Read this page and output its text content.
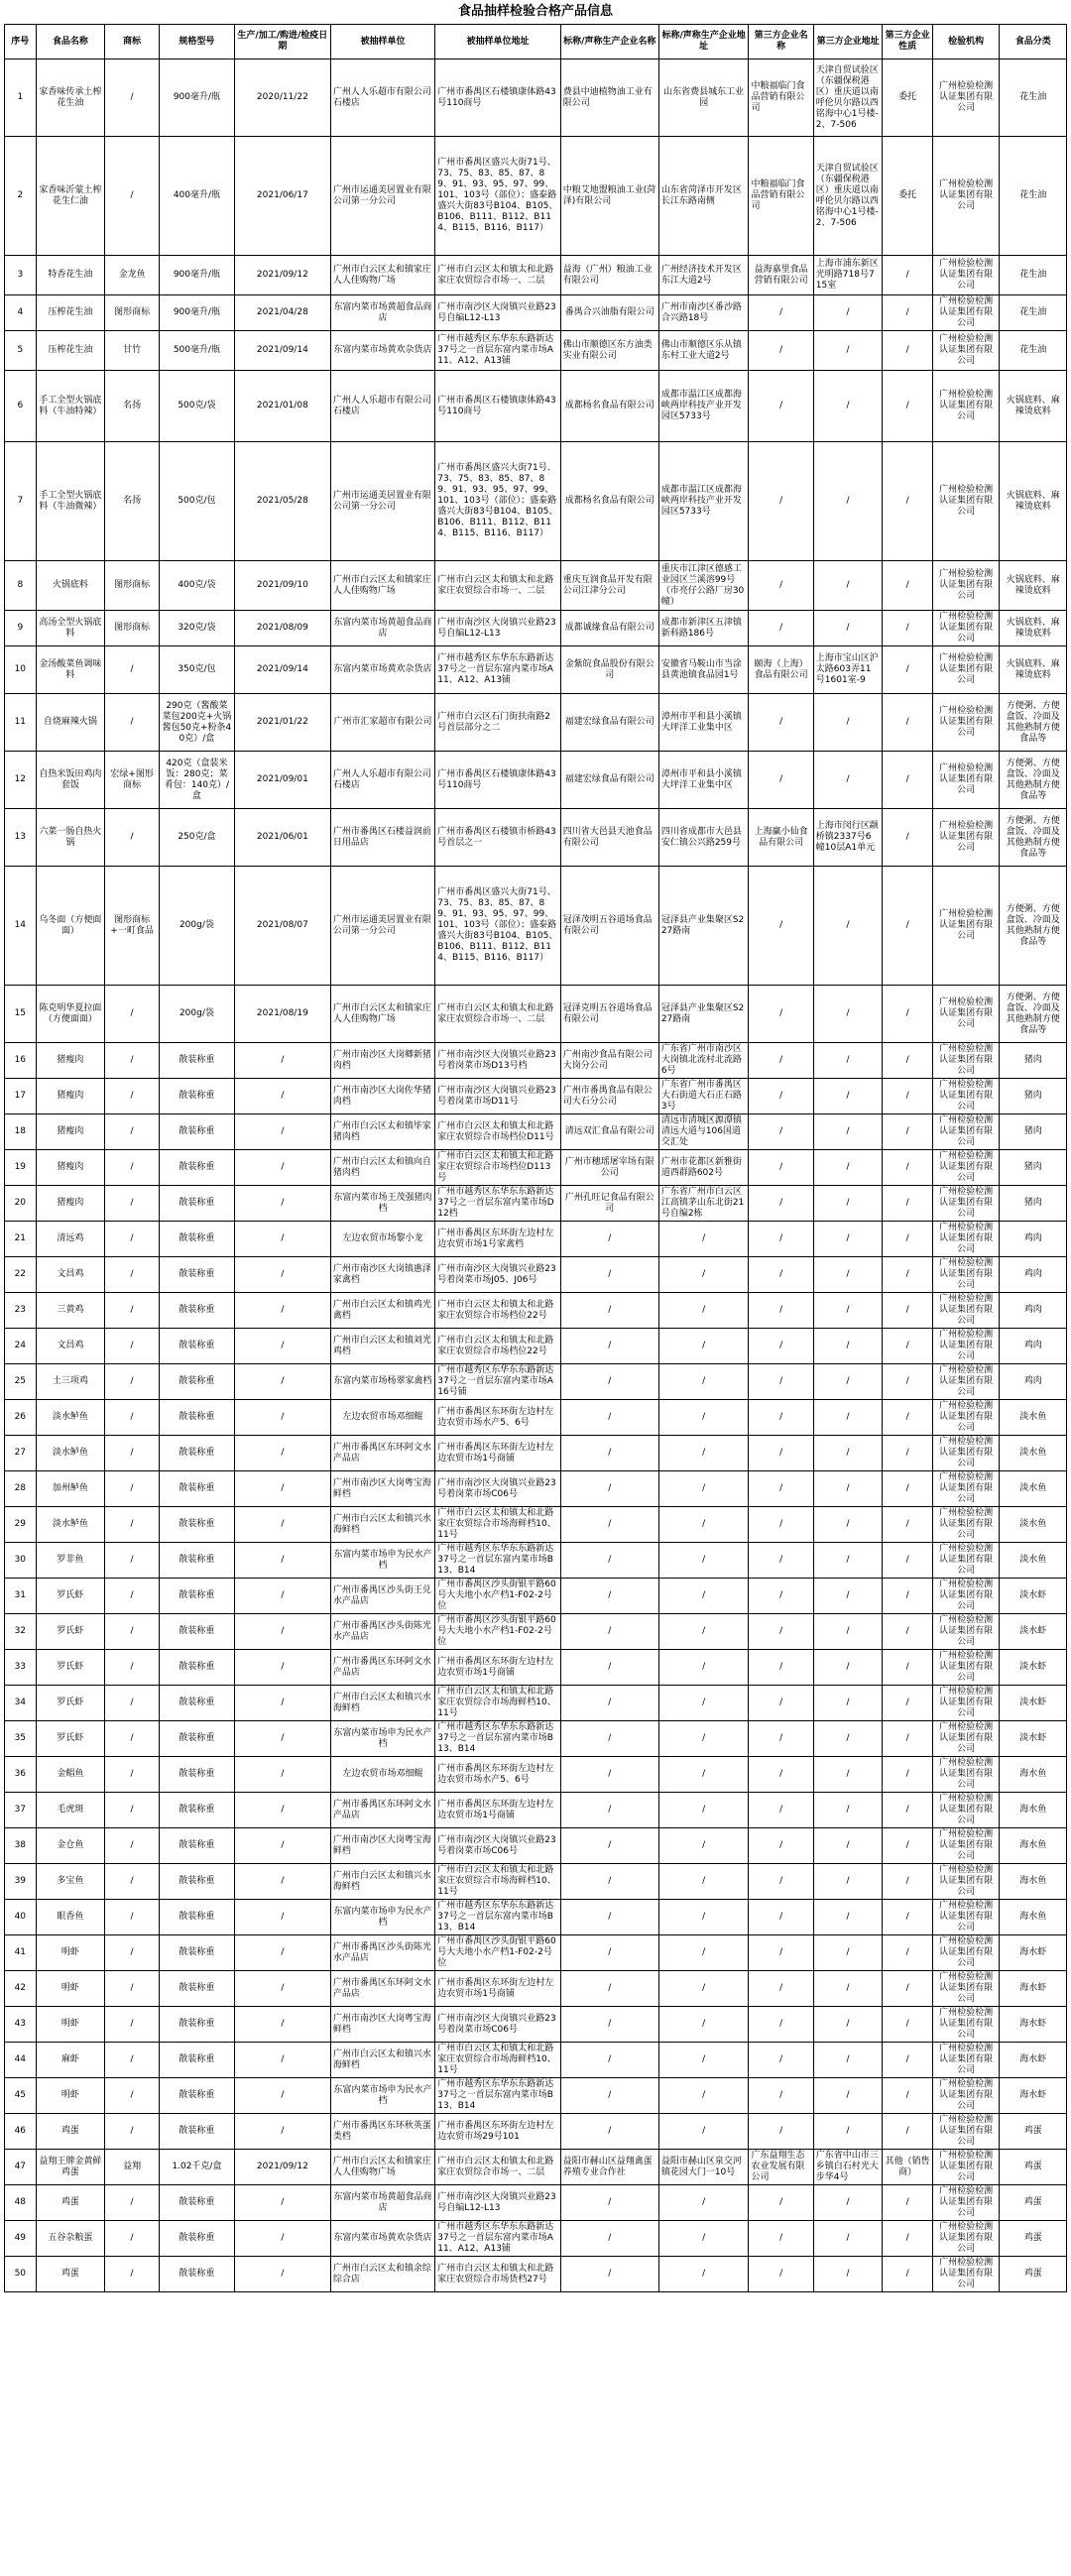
食品抽样检验合格产品信息
序号	食品名称	商标	规格型号	生产/加工/购进/检疫日期	被抽样单位	被抽样单位地址	标称/声称生产企业名称	标称/声称生产企业地址	第三方企业名称	第三方企业地址	第三方企业性质	检验机构	食品分类
1	家香味传承土榨花生油	/	900毫升/瓶	2020/11/22	广州人人乐超市有限公司石楼店	广州市番禺区石楼镇康体路43号110商号	费县中迪植物油工业有限公司	山东省费县城东工业园	中粮福临门食品营销有限公司	天津自贸试验区（东疆保税港区）重庆道以南呼伦贝尔路以西铭海中心1号楼-2、7-506	委托	广州检验检测认证集团有限公司	花生油
2	家香味沂蒙土榨花生仁油	/	400毫升/瓶	2021/06/17	广州市运通美居置业有限公司第一分公司	广州市番禺区盛兴大街71号、73、75、83、85、87、89、91、93、95、97、99、101、103号（部位）；盛泰路盛兴大街83号B104、B105、B106、B111、B112、B114、B115、B116、B117）	中粮艾地盟粮油工业(菏泽)有限公司	山东省菏泽市开发区长江东路南侧	中粮福临门食品营销有限公司	天津自贸试验区（东疆保税港区）重庆道以南呼伦贝尔路以西铭海中心1号楼-2、7-506	委托	广州检验检测认证集团有限公司	花生油
3	特香花生油	金龙鱼	900毫升/瓶	2021/09/12	广州市白云区太和镇家庄人人佳购物广场	广州市白云区太和镇太和北路家庄农贸综合市场一、二层	益海（广州）粮油工业有限公司	广州经济技术开发区东江大道2号	益海嘉里食品营销有限公司	上海市浦东新区光明路718号715室	/	广州检验检测认证集团有限公司	花生油
4	压榨花生油	图形商标	900毫升/瓶	2021/04/28	东富内菜市场黄超食品商店	广州市南沙区大岗镇兴业路23号自编L12-L13	番禺合兴油脂有限公司	广州市南沙区番沙路合兴路18号	/	/	/	广州检验检测认证集团有限公司	花生油
5	压榨花生油	甘竹	500毫升/瓶	2021/09/14	东富内菜市场黄欢杂货店	广州市越秀区东华东东路新达37号之一首层东富内菜市场A11、A12、A13铺	佛山市顺德区东方油类实业有限公司	佛山市顺德区乐从镇东村工业大道2号	/	/	/	广州检验检测认证集团有限公司	花生油
6	手工全型火锅底料（牛油特辣）	名扬	500克/袋	2021/01/08	广州人人乐超市有限公司石楼店	广州市番禺区石楼镇康体路43号110商号	成都杨名食品有限公司	成都市温江区成都海峡两岸科技产业开发园区5733号	/	/	/	广州检验检测认证集团有限公司	火锅底料、麻辣烫底料
7	手工全型火锅底料（牛油微辣）	名扬	500克/包	2021/05/28	广州市运通美居置业有限公司第一分公司	广州市番禺区盛兴大街71号、73、75、83、85、87、89、91、93、95、97、99、101、103号（部位）；盛泰路盛兴大街83号B104、B105、B106、B111、B112、B114、B115、B116、B117）	成都杨名食品有限公司	成都市温江区成都海峡两岸科技产业开发园区5733号	/	/	/	广州检验检测认证集团有限公司	火锅底料、麻辣烫底料
8	火锅底料	图形商标	400克/袋	2021/09/10	广州市白云区太和镇家庄人人佳购物广场	广州市白云区太和镇太和北路家庄农贸综合市场一、二层	重庆互润食品开发有限公司江津分公司	重庆市江津区德感工业园区兰溪溶99号（市亮仔公路厂房30幢）	/	/	/	广州检验检测认证集团有限公司	火锅底料、麻辣烫底料
9	高汤全型火锅底料	图形商标	320克/袋	2021/08/09	东富内菜市场黄超食品商店	广州市南沙区大岗镇兴业路23号自编L12-L13	成都诚缘食品有限公司	成都市新津区五津镇新科路186号	/	/	/	广州检验检测认证集团有限公司	火锅底料、麻辣烫底料
10	金汤酸菜鱼调味料	/	350克/包	2021/09/14	东富内菜市场黄欢杂货店	广州市越秀区东华东东路新达37号之一首层东富内菜市场A11、A12、A13铺	金紫皖食品股份有限公司	安徽省马鞍山市当涂县黄池镇食品园1号	颐海（上海）食品有限公司	上海市宝山区沪太路603弄11号1601室-9	/	广州检验检测认证集团有限公司	火锅底料、麻辣烫底料
11	自烧麻辣火锅	/	290克（酱酸菜菜包200克+火锅酱包50克+粉条40克）/盒	2021/01/22	广州市汇家超市有限公司	广州市白云区石门街扶南路2号首层部分之二	福建宏绿食品有限公司	漳州市平和县小溪镇大坪洋工业集中区	/	/	/	广州检验检测认证集团有限公司	方便粥、方便盒饭、冷面及其他熟制方便食品等
12	自热米饭田鸡肉套饭	宏绿+图形商标	420克（盒装米饭：280克；菜肴包：140克）/盒	2021/09/01	广州人人乐超市有限公司石楼店	广州市番禺区石楼镇康体路43号110商号	福建宏绿食品有限公司	漳州市平和县小溪镇大坪洋工业集中区	/	/	/	广州检验检测认证集团有限公司	方便粥、方便盒饭、冷面及其他熟制方便食品等
13	六菜一肠自热火锅	/	250克/盒	2021/06/01	广州市番禺区石楼益润前日用品店	广州市番禺区石楼镇市桥路43号首层之一	四川省大邑县天池食品有限公司	四川省成都市大邑县安仁镇公兴路259号	上海赢小仙食品有限公司	上海市闵行区颛桥镇2337号6幢10层A1单元	/	广州检验检测认证集团有限公司	方便粥、方便盒饭、冷面及其他熟制方便食品等
14	乌冬面（方便面面）	图形商标+一町食品	200g/袋	2021/08/07	广州市运通美居置业有限公司第一分公司	广州市番禺区盛兴大街71号、73、75、83、85、87、89、91、93、95、97、99、101、103号（部位）；盛泰路盛兴大街83号B104、B105、B106、B111、B112、B114、B115、B116、B117）	冠泽茂明五谷道场食品有限公司	冠泽县产业集聚区S227路南	/	/	/	广州检验检测认证集团有限公司	方便粥、方便盒饭、冷面及其他熟制方便食品等
15	陈克明华夏拉面（方便面面）	/	200g/袋	2021/08/19	广州市白云区太和镇家庄人人佳购物广场	广州市白云区太和镇太和北路家庄农贸综合市场一、二层	冠泽克明五谷道场食品有限公司	冠泽县产业集聚区S227路南	/	/	/	广州检验检测认证集团有限公司	方便粥、方便盒饭、冷面及其他熟制方便食品等
16	猪瘦肉	/	散装称重	/	广州市南沙区大岗卿新猪肉档	广州市南沙区大岗镇兴业路23号着岗菜市场D13号档	广州南沙食品有限公司大岗分公司	广东省广州市南沙区大岗镇北流村北流路6号	/	/	/	广州检验检测认证集团有限公司	猪肉
17	猪瘦肉	/	散装称重	/	广州市南沙区大岗佐华猪肉档	广州市南沙区大岗镇兴业路23号着岗菜市场D11号	广州市番禺食品有限公司大石分公司	广东省广州市番禺区大石街道大石正石路3号	/	/	/	广州检验检测认证集团有限公司	猪肉
18	猪瘦肉	/	散装称重	/	广州市白云区太和镇毕家猪肉档	广州市白云区太和镇太和北路家庄农贸综合市场档位D11号	清远双汇食品有限公司	清远市清城区源潭镇清远大道与106国道交汇处	/	/	/	广州检验检测认证集团有限公司	猪肉
19	猪瘦肉	/	散装称重	/	广州市白云区太和镇向自猪肉档	广州市白云区太和镇太和北路家庄农贸综合市场档位D113号	广州市穗瑶屠宰场有限公司	广州市花都区新雅街道西群路602号	/	/	/	广州检验检测认证集团有限公司	猪肉
20	猪瘦肉	/	散装称重	/	东富内菜市场王茂强猪肉档	广州市越秀区东华东东路新达37号之一首层东富内菜市场D12档	广州孔旺记食品有限公司	广东省广州市白云区江高镇茅山东北街21号自编2栋	/	/	/	广州检验检测认证集团有限公司	猪肉
21	清远鸡	/	散装称重	/	左边农贸市场黎小龙	广州市番禺区东环街左边村左边农贸市场1号家禽档	/	/	/	/	/	广州检验检测认证集团有限公司	鸡肉
22	文昌鸡	/	散装称重	/	广州市南沙区大岗镇惠泽家禽档	广州市南沙区大岗镇兴业路23号着岗菜市场J05、J06号	/	/	/	/	/	广州检验检测认证集团有限公司	鸡肉
23	三黄鸡	/	散装称重	/	广州市白云区太和镇鸡光禽档	广州市白云区太和镇太和北路家庄农贸综合市场档位22号	/	/	/	/	/	广州检验检测认证集团有限公司	鸡肉
24	文昌鸡	/	散装称重	/	广州市白云区太和镇刘光鸡档	广州市白云区太和镇太和北路家庄农贸综合市场档位22号	/	/	/	/	/	广州检验检测认证集团有限公司	鸡肉
25	土三项鸡	/	散装称重	/	东富内菜市场杨翠家禽档	广州市越秀区东华东东路新达37号之一首层东富内菜市场A16号铺	/	/	/	/	/	广州检验检测认证集团有限公司	鸡肉
26	淡水鲈鱼	/	散装称重	/	左边农贸市场邓细鲲	广州市番禺区东环街左边村左边农贸市场水产5、6号	/	/	/	/	/	广州检验检测认证集团有限公司	淡水鱼
27	淡水鲈鱼	/	散装称重	/	广州市番禺区东环阿文水产品店	广州市番禺区东环街左边村左边农贸市场1号商铺	/	/	/	/	/	广州检验检测认证集团有限公司	淡水鱼
28	加州鲈鱼	/	散装称重	/	广州市南沙区大岗粤宝海鲜档	广州市南沙区大岗镇兴业路23号着岗菜市场C06号	/	/	/	/	/	广州检验检测认证集团有限公司	淡水鱼
29	淡水鲈鱼	/	散装称重	/	广州市白云区太和镇兴水海鲜档	广州市白云区太和镇太和北路家庄农贸综合市场海鲜档10、11号	/	/	/	/	/	广州检验检测认证集团有限公司	淡水鱼
30	罗非鱼	/	散装称重	/	东富内菜市场申为民水产档	广州市越秀区东华东东路新达37号之一首层东富内菜市场B13、B14	/	/	/	/	/	广州检验检测认证集团有限公司	淡水鱼
31	罗氏虾	/	散装称重	/	广州市番禺区沙头街王兑水产品店	广州市番禺区沙头街银平路60号大夫地小水产档1-F02-2号位	/	/	/	/	/	广州检验检测认证集团有限公司	淡水虾
32	罗氏虾	/	散装称重	/	广州市番禺区沙头街陈光水产品店	广州市番禺区沙头街银平路60号大夫地小水产档1-F02-2号位	/	/	/	/	/	广州检验检测认证集团有限公司	淡水虾
33	罗氏虾	/	散装称重	/	广州市番禺区东环阿文水产品店	广州市番禺区东环街左边村左边农贸市场1号商铺	/	/	/	/	/	广州检验检测认证集团有限公司	淡水虾
34	罗氏虾	/	散装称重	/	广州市白云区太和镇兴水海鲜档	广州市白云区太和镇太和北路家庄农贸综合市场海鲜档10、11号	/	/	/	/	/	广州检验检测认证集团有限公司	淡水虾
35	罗氏虾	/	散装称重	/	东富内菜市场申为民水产档	广州市越秀区东华东东路新达37号之一首层东富内菜市场B13、B14	/	/	/	/	/	广州检验检测认证集团有限公司	淡水虾
36	金鲳鱼	/	散装称重	/	左边农贸市场邓细鲲	广州市番禺区东环街左边村左边农贸市场水产5、6号	/	/	/	/	/	广州检验检测认证集团有限公司	海水鱼
37	毛虎斑	/	散装称重	/	广州市番禺区东环阿文水产品店	广州市番禺区东环街左边村左边农贸市场1号商铺	/	/	/	/	/	广州检验检测认证集团有限公司	海水鱼
38	金仓鱼	/	散装称重	/	广州市南沙区大岗粤宝海鲜档	广州市南沙区大岗镇兴业路23号着岗菜市场C06号	/	/	/	/	/	广州检验检测认证集团有限公司	海水鱼
39	多宝鱼	/	散装称重	/	广州市白云区太和镇兴水海鲜档	广州市白云区太和镇太和北路家庄农贸综合市场海鲜档10、11号	/	/	/	/	/	广州检验检测认证集团有限公司	海水鱼
40	眼香鱼	/	散装称重	/	东富内菜市场申为民水产档	广州市越秀区东华东东路新达37号之一首层东富内菜市场B13、B14	/	/	/	/	/	广州检验检测认证集团有限公司	海水鱼
41	明虾	/	散装称重	/	广州市番禺区沙头街陈光水产品店	广州市番禺区沙头街银平路60号大夫地小水产档1-F02-2号位	/	/	/	/	/	广州检验检测认证集团有限公司	海水虾
42	明虾	/	散装称重	/	广州市番禺区东环阿文水产品店	广州市番禺区东环街左边村左边农贸市场1号商铺	/	/	/	/	/	广州检验检测认证集团有限公司	海水虾
43	明虾	/	散装称重	/	广州市南沙区大岗粤宝海鲜档	广州市南沙区大岗镇兴业路23号着岗菜市场C06号	/	/	/	/	/	广州检验检测认证集团有限公司	海水虾
44	麻虾	/	散装称重	/	广州市白云区太和镇兴水海鲜档	广州市白云区太和镇太和北路家庄农贸综合市场海鲜档10、11号	/	/	/	/	/	广州检验检测认证集团有限公司	海水虾
45	明虾	/	散装称重	/	东富内菜市场申为民水产档	广州市越秀区东华东东路新达37号之一首层东富内菜市场B13、B14	/	/	/	/	/	广州检验检测认证集团有限公司	海水虾
46	鸡蛋	/	散装称重	/	广州市番禺区东环秋英蛋类档	广州市番禺区东环街左边村左边农贸市场29号101	/	/	/	/	/	广州检验检测认证集团有限公司	鸡蛋
47	益翔王牌金黄鲜鸡蛋	益翔	1.02千克/盒	2021/09/12	广州市白云区太和镇家庄人人佳购物广场	广州市白云区太和镇太和北路家庄农贸综合市场一、二层	益阳市赫山区益翔禽蛋养殖专业合作社	益阳市赫山区泉交河镇花园大门一10号	广东益翔生态农业发展有限公司	广东省中山市三乡镇白石村光大步华4号	其他（销售商）	广州检验检测认证集团有限公司	鸡蛋
48	鸡蛋	/	散装称重	/	东富内菜市场黄超食品商店	广州市南沙区大岗镇兴业路23号自编L12-L13	/	/	/	/	/	广州检验检测认证集团有限公司	鸡蛋
49	五谷杂粮蛋	/	散装称重	/	东富内菜市场黄欢杂货店	广州市越秀区东华东东路新达37号之一首层东富内菜市场A11、A12、A13铺	/	/	/	/	/	广州检验检测认证集团有限公司	鸡蛋
50	鸡蛋	/	散装称重	/	广州市白云区太和镇余综综合店	广州市白云区太和镇太和北路家庄农贸综合市场货档27号	/	/	/	/	/	广州检验检测认证集团有限公司	鸡蛋
